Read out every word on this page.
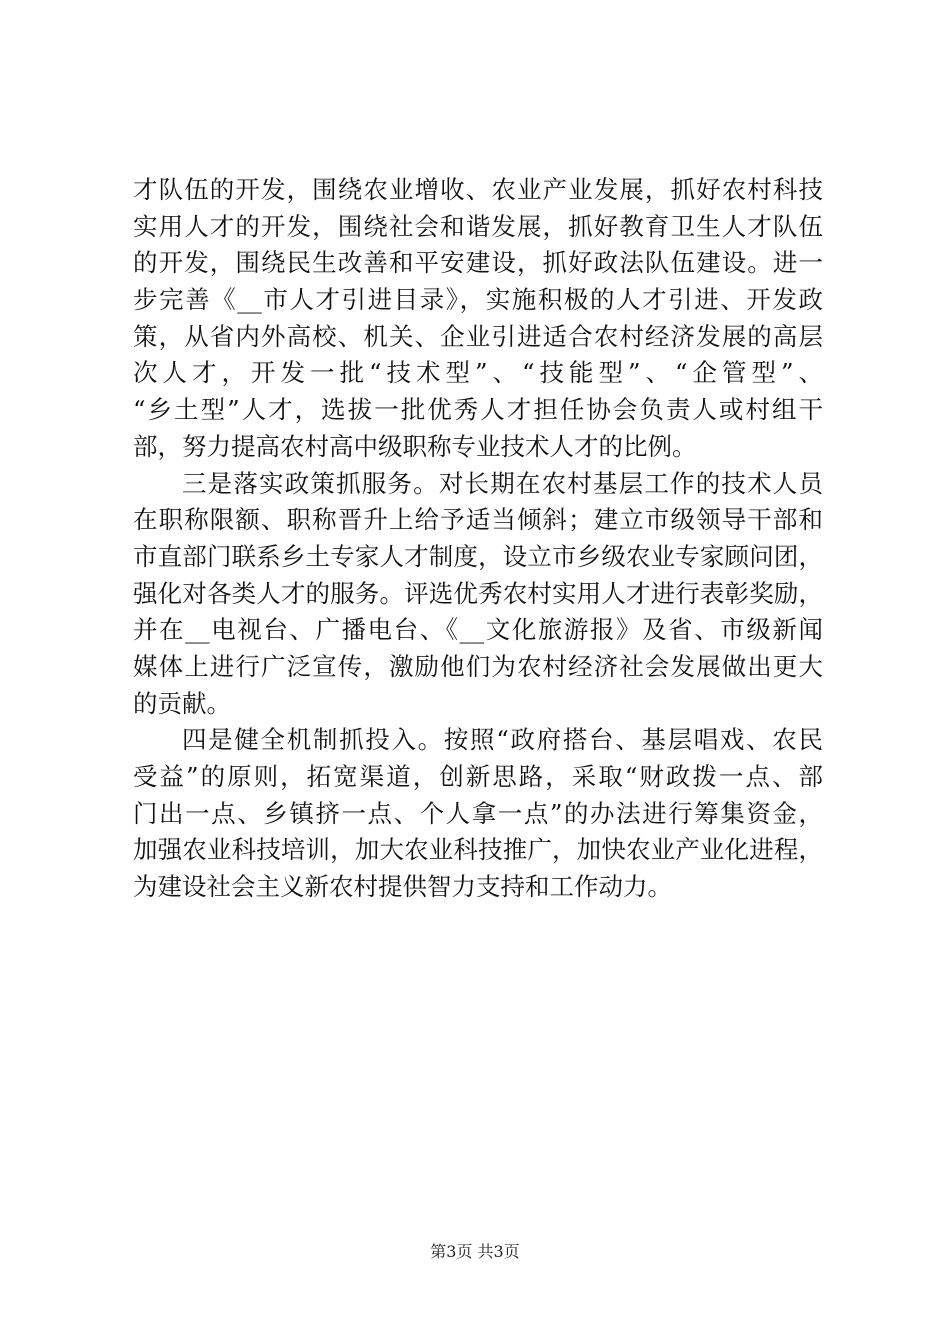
才队伍的开发，围绕农业增收、农业产业发展，抓好农村科技
实用人才的开发，围绕社会和谐发展，抓好教育卫生人才队伍
的开发，围绕民生改善和平安建设，抓好政法队伍建设。进一
步完善《__市人才引进目录》，实施积极的人才引进、开发政
策，从省内外高校、机关、企业引进适合农村经济发展的高层
次人才，开发一批“技术型”、“技能型”、“企管型”、
“乡土型”人才，选拔一批优秀人才担任协会负责人或村组干
部，努力提高农村高中级职称专业技术人才的比例。
三是落实政策抓服务。对长期在农村基层工作的技术人员
在职称限额、职称晋升上给予适当倾斜；建立市级领导干部和
市直部门联系乡土专家人才制度，设立市乡级农业专家顾问团，
强化对各类人才的服务。评选优秀农村实用人才进行表彰奖励，
并在__电视台、广播电台、《__文化旅游报》及省、市级新闻
媒体上进行广泛宣传，激励他们为农村经济社会发展做出更大
的贡献。
四是健全机制抓投入。按照“政府搭台、基层唱戏、农民
受益”的原则，拓宽渠道，创新思路，采取“财政拨一点、部
门出一点、乡镇挤一点、个人拿一点”的办法进行筹集资金，
加强农业科技培训，加大农业科技推广，加快农业产业化进程，
为建设社会主义新农村提供智力支持和工作动力。
第3页 共3页
